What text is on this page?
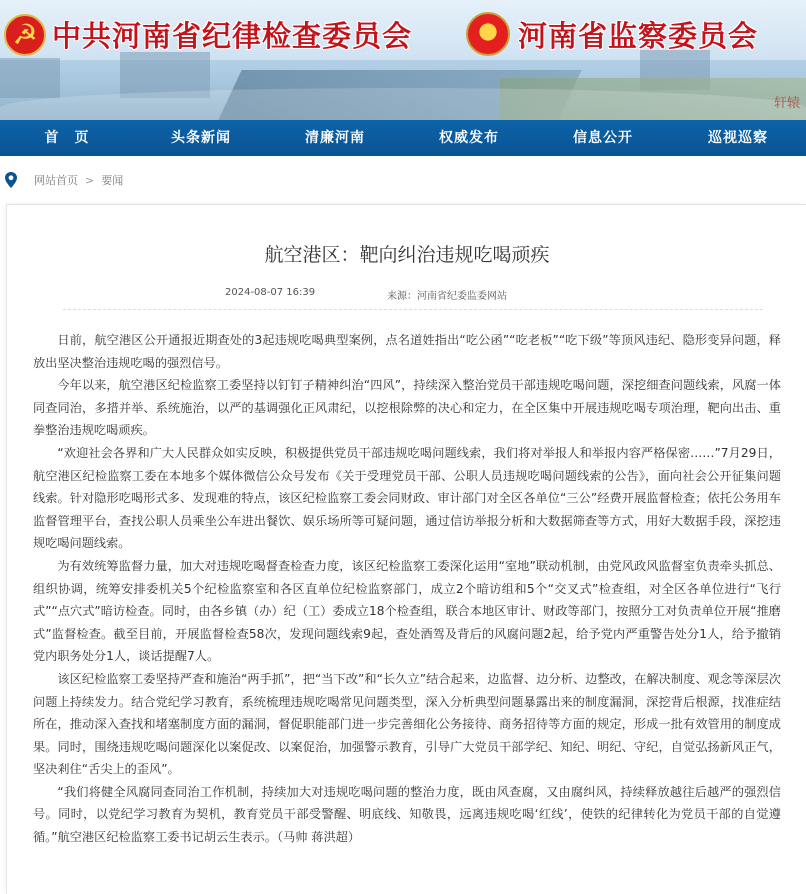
☭
中共河南省纪律检查委员会
★	河南省监察委员会
轩辕
首　页	头条新闻	清廉河南	权威发布	信息公开	巡视巡察
网站首页 > 要闻
航空港区：靶向纠治违规吃喝顽疾
2024-08-07 16:39	来源：河南省纪委监委网站

日前，航空港区公开通报近期查处的3起违规吃喝典型案例，点名道姓指出“吃公函”“吃老板”“吃下级”等顶风违纪、隐形变异问题，释放出坚决整治违规吃喝的强烈信号。

今年以来，航空港区纪检监察工委坚持以钉钉子精神纠治“四风”，持续深入整治党员干部违规吃喝问题，深挖细查问题线索，风腐一体同查同治，多措并举、系统施治，以严的基调强化正风肃纪，以挖根除弊的决心和定力，在全区集中开展违规吃喝专项治理，靶向出击、重拳整治违规吃喝顽疾。

“欢迎社会各界和广大人民群众如实反映，积极提供党员干部违规吃喝问题线索，我们将对举报人和举报内容严格保密……”7月29日，航空港区纪检监察工委在本地多个媒体微信公众号发布《关于受理党员干部、公职人员违规吃喝问题线索的公告》，面向社会公开征集问题线索。针对隐形吃喝形式多、发现难的特点，该区纪检监察工委会同财政、审计部门对全区各单位“三公”经费开展监督检查；依托公务用车监督管理平台，查找公职人员乘坐公车进出餐饮、娱乐场所等可疑问题，通过信访举报分析和大数据筛查等方式，用好大数据手段，深挖违规吃喝问题线索。

为有效统筹监督力量，加大对违规吃喝督查检查力度，该区纪检监察工委深化运用“室地”联动机制，由党风政风监督室负责牵头抓总、组织协调，统筹安排委机关5个纪检监察室和各区直单位纪检监察部门，成立2个暗访组和5个“交叉式”检查组，对全区各单位进行“飞行式”“点穴式”暗访检查。同时，由各乡镇（办）纪（工）委成立18个检查组，联合本地区审计、财政等部门，按照分工对负责单位开展“推磨式”监督检查。截至目前，开展监督检查58次，发现问题线索9起，查处酒驾及背后的风腐问题2起，给予党内严重警告处分1人，给予撤销党内职务处分1人，谈话提醒7人。

该区纪检监察工委坚持严查和施治“两手抓”，把“当下改”和“长久立”结合起来，边监督、边分析、边整改，在解决制度、观念等深层次问题上持续发力。结合党纪学习教育，系统梳理违规吃喝常见问题类型，深入分析典型问题暴露出来的制度漏洞，深挖背后根源，找准症结所在，推动深入查找和堵塞制度方面的漏洞，督促职能部门进一步完善细化公务接待、商务招待等方面的规定，形成一批有效管用的制度成果。同时，围绕违规吃喝问题深化以案促改、以案促治，加强警示教育，引导广大党员干部学纪、知纪、明纪、守纪，自觉弘扬新风正气，坚决剎住“舌尖上的歪风”。

“我们将健全风腐同查同治工作机制，持续加大对违规吃喝问题的整治力度，既由风查腐，又由腐纠风，持续释放越往后越严的强烈信号。同时，以党纪学习教育为契机，教育党员干部受警醒、明底线、知敬畏，远离违规吃喝‘红线’，使铁的纪律转化为党员干部的自觉遵循。”航空港区纪检监察工委书记胡云生表示。（马帅 蒋洪超）
